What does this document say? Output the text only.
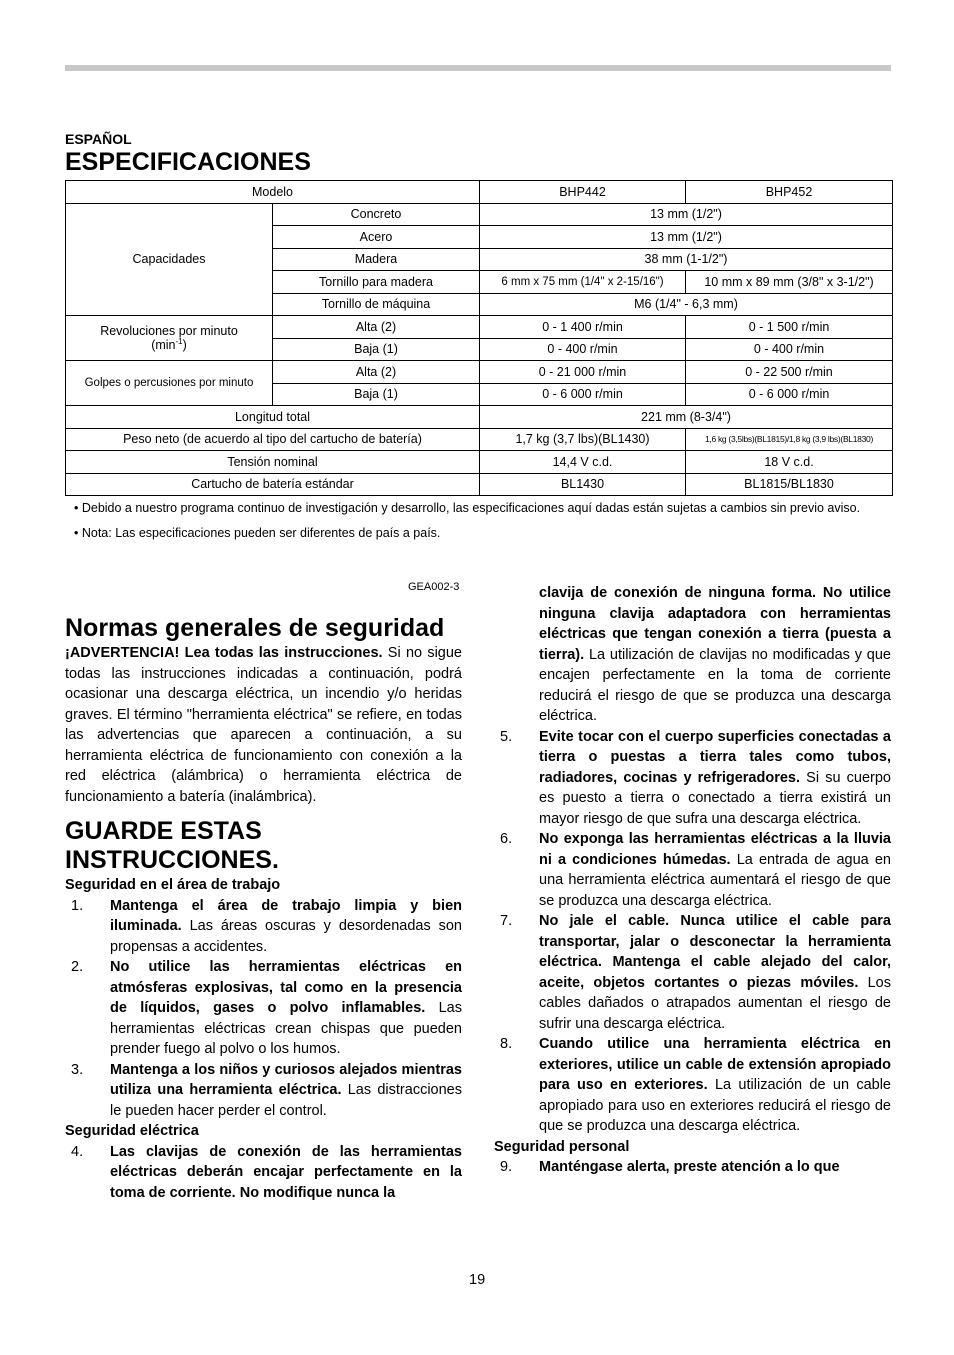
ESPAÑOL
ESPECIFICACIONES
Modelo		BHP442	BHP452
Capacidades	Concreto	13 mm (1/2")	
	Acero	13 mm (1/2")	
	Madera	38 mm (1-1/2")	
	Tornillo para madera	6 mm x 75 mm (1/4" x 2-15/16")	10 mm x 89 mm (3/8" x 3-1/2")
	Tornillo de máquina	M6 (1/4" - 6,3 mm)	
Revoluciones por minuto
$(\min^{-1})$	Alta (2)	0 - 1 400 r/min	0 - 1 500 r/min
	Baja (1)	0 - 400 r/min	0 - 400 r/min
Golpes o percusiones por minuto	Alta (2)	0 - 21 000 r/min	0 - 22 500 r/min
	Baja (1)	0 - 6 000 r/min	0 - 6 000 r/min
Longitud total		221 mm (8-3/4")	
Peso neto (de acuerdo al tipo del cartucho de batería)		1,7 kg (3,7 lbs)(BL1430)	1,6 kg (3,5lbs)(BL1815)/1,8 kg (3,9 lbs)(BL1830)
Tensión nominal		14,4 V c.d.	18 V c.d.
Cartucho de batería estándar		BL1430	BL1815/BL1830

• Debido a nuestro programa continuo de investigación y desarrollo, las especificaciones aquí dadas están sujetas a cambios sin previo aviso.

• Nota: Las especificaciones pueden ser diferentes de país a país.

GEA002-3
Normas generales de seguridad

¡ADVERTENCIA! Lea todas las instrucciones. Si no sigue todas las instrucciones indicadas a continuación, podrá ocasionar una descarga eléctrica, un incendio y/o heridas graves. El término "herramienta eléctrica" se refiere, en todas las advertencias que aparecen a continuación, a su herramienta eléctrica de funcionamiento con conexión a la red eléctrica (alámbrica) o herramienta eléctrica de funcionamiento a batería (inalámbrica).

GUARDE ESTAS INSTRUCCIONES.
Seguridad en el área de trabajo
1.	Mantenga el área de trabajo limpia y bien iluminada. Las áreas oscuras y desordenadas son propensas a accidentes.
2.	No utilice las herramientas eléctricas en atmósferas explosivas, tal como en la presencia de líquidos, gases o polvo inflamables. Las herramientas eléctricas crean chispas que pueden prender fuego al polvo o los humos.
3.	Mantenga a los niños y curiosos alejados mientras utiliza una herramienta eléctrica. Las distracciones le pueden hacer perder el control.
Seguridad eléctrica
4.	Las clavijas de conexión de las herramientas eléctricas deberán encajar perfectamente en la toma de corriente. No modifique nunca la
clavija de conexión de ninguna forma. No utilice ninguna clavija adaptadora con herramientas eléctricas que tengan conexión a tierra (puesta a tierra). La utilización de clavijas no modificadas y que encajen perfectamente en la toma de corriente reducirá el riesgo de que se produzca una descarga eléctrica.
5.	Evite tocar con el cuerpo superficies conectadas a tierra o puestas a tierra tales como tubos, radiadores, cocinas y refrigeradores. Si su cuerpo es puesto a tierra o conectado a tierra existirá un mayor riesgo de que sufra una descarga eléctrica.
6.	No exponga las herramientas eléctricas a la lluvia ni a condiciones húmedas. La entrada de agua en una herramienta eléctrica aumentará el riesgo de que se produzca una descarga eléctrica.
7.	No jale el cable. Nunca utilice el cable para transportar, jalar o desconectar la herramienta eléctrica. Mantenga el cable alejado del calor, aceite, objetos cortantes o piezas móviles. Los cables dañados o atrapados aumentan el riesgo de sufrir una descarga eléctrica.
8.	Cuando utilice una herramienta eléctrica en exteriores, utilice un cable de extensión apropiado para uso en exteriores. La utilización de un cable apropiado para uso en exteriores reducirá el riesgo de que se produzca una descarga eléctrica.
Seguridad personal
9.	Manténgase alerta, preste atención a lo que
19
